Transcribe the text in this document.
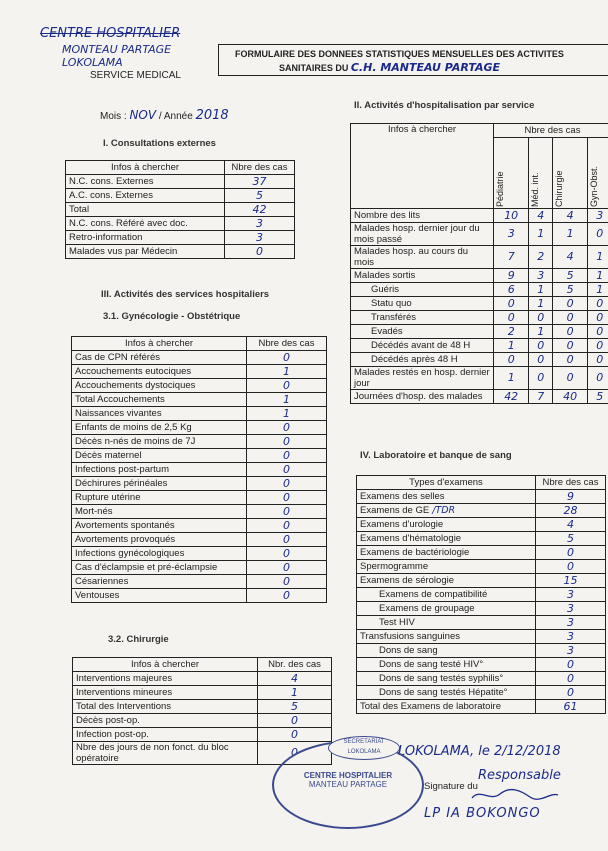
CENTRE HOSPITALIER
MONTEAU PARTAGE
LOKOLAMA
SERVICE MEDICAL
FORMULAIRE DES DONNEES STATISTIQUES MENSUELLES DES ACTIVITES
SANITAIRES DU C.H. MANTEAU PARTAGE
Mois : NOV / Année 2018
I. Consultations externes
Infos à chercher	Nbre des cas
N.C. cons. Externes	37
A.C. cons. Externes	5
Total	42
N.C. cons. Référé avec doc.	3
Retro-information	3
Malades vus par Médecin	0
II. Activités d'hospitalisation par service
Infos à chercher	Nbre des cas			

	Pédiatrie	Méd. int.	Chirurgie	Gyn-Obst.

Nombre des lits	10	4	4	3
Malades hosp. dernier jour du mois passé	3	1	1	0
Malades hosp. au cours du mois	7	2	4	1
Malades sortis	9	3	5	1
Guéris	6	1	5	1
Statu quo	0	1	0	0
Transférés	0	0	0	0
Evadés	2	1	0	0
Décédés avant de 48 H	1	0	0	0
Décédés après 48 H	0	0	0	0
Malades restés en hosp. dernier jour	1	0	0	0
Journées d'hosp. des malades	42	7	40	5
III. Activités des services hospitaliers
3.1. Gynécologie - Obstétrique
Infos à chercher	Nbre des cas
Cas de CPN référés	0
Accouchements eutociques	1
Accouchements dystociques	0
Total Accouchements	1
Naissances vivantes	1
Enfants de moins de 2,5 Kg	0
Décès n-nés de moins de 7J	0
Décès maternel	0
Infections post-partum	0
Déchirures périnéales	0
Rupture utérine	0
Mort-nés	0
Avortements spontanés	0
Avortements provoqués	0
Infections gynécologiques	0
Cas d'éclampsie et pré-éclampsie	0
Césariennes	0
Ventouses	0
IV. Laboratoire et banque de sang
Types d'examens	Nbre des cas
Examens des selles	9
Examens de GE /TDR	28
Examens d'urologie	4
Examens d'hématologie	5
Examens de bactériologie	0
Spermogramme	0
Examens de sérologie	15
Examens de compatibilité	3
Examens de groupage	3
Test HIV	3
Transfusions sanguines	3
Dons de sang	3
Dons de sang testé HIV°	0
Dons de sang testés syphilis°	0
Dons de sang testés Hépatite°	0
Total des Examens de laboratoire	61
3.2. Chirurgie
Infos à chercher	Nbr. des cas
Interventions majeures	4
Interventions mineures	1
Total des Interventions	5
Décès post-op.	0
Infection post-op.	0
Nbre des jours de non fonct. du bloc opératoire	0	LOKOLAMA, le 2/12/2018
Signature du
Responsable
LP IA BOKONGO
CENTRE HOSPITALIER
MANTEAU PARTAGE
SECRETARIAT
LOKOLAMA
